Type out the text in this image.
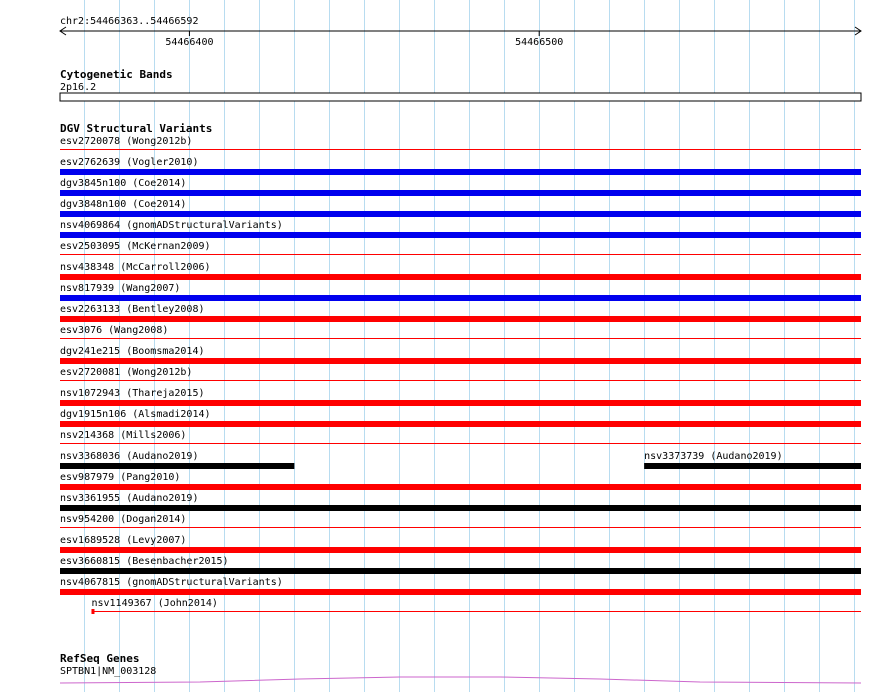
chr2:54466363..54466592
54466400	54466500
Cytogenetic Bands
2p16.2
DGV Structural Variants
esv2720078 (Wong2012b)
esv2762639 (Vogler2010)
dgv3845n100 (Coe2014)
dgv3848n100 (Coe2014)
nsv4069864 (gnomADStructuralVariants)
esv2503095 (McKernan2009)
nsv438348 (McCarroll2006)
nsv817939 (Wang2007)
esv2263133 (Bentley2008)
esv3076 (Wang2008)
dgv241e215 (Boomsma2014)
esv2720081 (Wong2012b)
nsv1072943 (Thareja2015)
dgv1915n106 (Alsmadi2014)
nsv214368 (Mills2006)
nsv3368036 (Audano2019)	nsv3373739 (Audano2019)
esv987979 (Pang2010)
nsv3361955 (Audano2019)
nsv954200 (Dogan2014)
esv1689528 (Levy2007)
esv3660815 (Besenbacher2015)
nsv4067815 (gnomADStructuralVariants)
nsv1149367 (John2014)
RefSeq Genes
SPTBN1|NM_003128
